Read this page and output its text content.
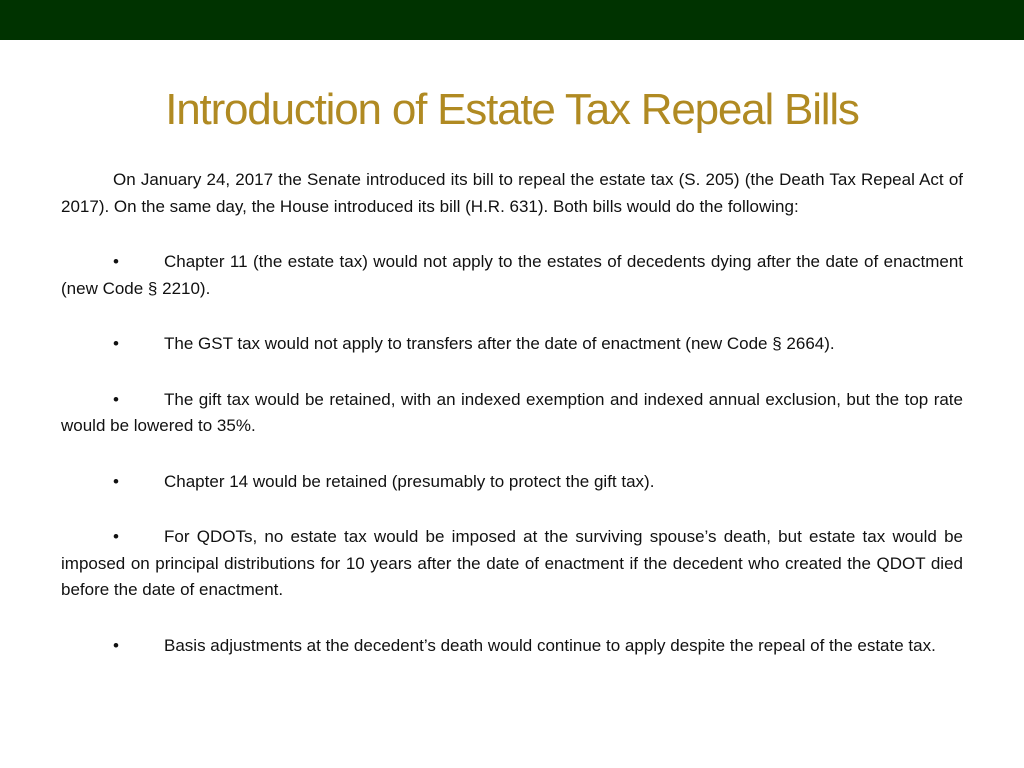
Introduction of Estate Tax Repeal Bills

On January 24, 2017 the Senate introduced its bill to repeal the estate tax (S. 205) (the Death Tax Repeal Act of 2017). On the same day, the House introduced its bill (H.R. 631). Both bills would do the following:

•	Chapter 11 (the estate tax) would not apply to the estates of decedents dying after the date of enactment (new Code § 2210).

•	The GST tax would not apply to transfers after the date of enactment (new Code § 2664).

•	The gift tax would be retained, with an indexed exemption and indexed annual exclusion, but the top rate would be lowered to 35%.

•	Chapter 14 would be retained (presumably to protect the gift tax).

•	For QDOTs, no estate tax would be imposed at the surviving spouse’s death, but estate tax would be imposed on principal distributions for 10 years after the date of enactment if the decedent who created the QDOT died before the date of enactment.

•	Basis adjustments at the decedent’s death would continue to apply despite the repeal of the estate tax.
